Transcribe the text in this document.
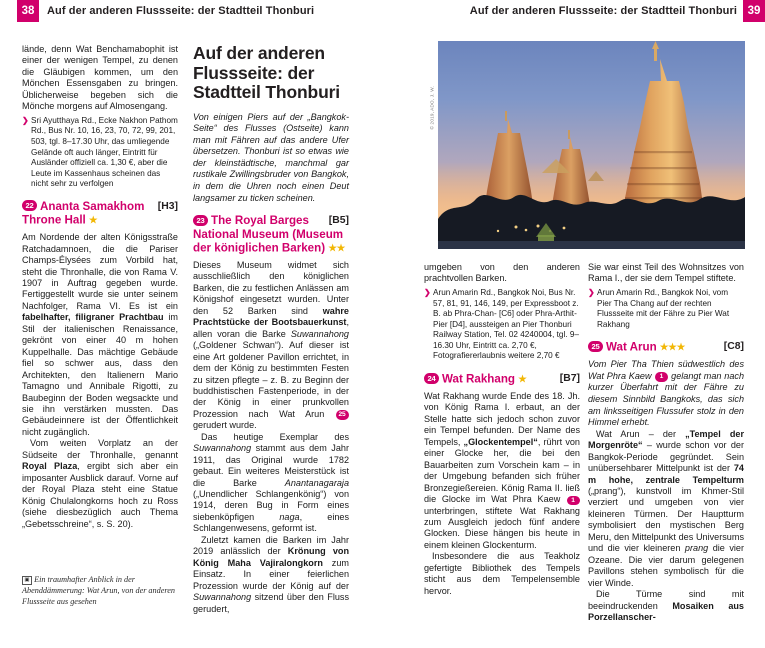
38	Auf der anderen Flussseite: der Stadtteil Thonburi	Auf der anderen Flussseite: der Stadtteil Thonburi 39
© 2019, ADO, J. W.

lände, denn Wat Benchamabophit ist einer der wenigen Tempel, zu denen die Gläubigen kommen, um den Mönchen Essensgaben zu bringen. Üblicherweise begeben sich die Mönche morgens auf Almosengang.

❯ Sri Ayutthaya Rd., Ecke Nakhon Pathom Rd., Bus Nr. 10, 16, 23, 70, 72, 99, 201, 503, tgl. 8–17.30 Uhr, das umliegende Gelände oft auch länger, Eintritt für Ausländer offiziell ca. 1,30 €, aber die Leute im Kassenhaus scheinen das nicht sehr zu verfolgen
[H3]
22 Ananta Samakhom Throne Hall ★

Am Nordende der alten Königsstraße Ratchadamnoen, die die Pariser Champs-Élysées zum Vorbild hat, steht die Thronhalle, die von Rama V. 1907 in Auftrag gegeben wurde. Fertiggestellt wurde sie unter seinem Nachfolger, Rama VI. Es ist ein fabelhafter, filigraner Prachtbau im Stil der italienischen Renaissance, gekrönt von einer 40 m hohen Kuppelhalle. Das mächtige Gebäude fiel so schwer aus, dass den Architekten, den Italienern Mario Tamagno und Annibale Rigotti, zu Baubeginn der Boden wegsackte und sie ihn verstärken mussten. Das Gebäudeinnere ist der Öffentlichkeit nicht zugänglich.

Vom weiten Vorplatz an der Südseite der Thronhalle, genannt Royal Plaza, ergibt sich aber ein imposanter Ausblick darauf. Vorne auf der Royal Plaza steht eine Statue König Chulalongkorns hoch zu Ross (siehe diesbezüglich auch Thema „Gebetsschreine“, s. S. 20).

▣ Ein traumhafter Anblick in der Abenddämmerung: Wat Arun, von der anderen Flussseite aus gesehen
Auf der anderen Flussseite: der Stadtteil Thonburi

Von einigen Piers auf der „Bangkok-Seite“ des Flusses (Ostseite) kann man mit Fähren auf das andere Ufer übersetzen. Thonburi ist so etwas wie der kleinstädtische, manchmal gar rustikale Zwillingsbruder von Bangkok, in dem die Uhren noch einen Deut langsamer zu ticken scheinen.

[B5]
23 The Royal Barges National Museum (Museum der königlichen Barken) ★★

Dieses Museum widmet sich ausschließlich den königlichen Barken, die zu festlichen Anlässen am Königshof eingesetzt wurden. Unter den 52 Barken sind wahre Prachtstücke der Bootsbauerkunst, allen voran die Barke Suwannahong („Goldener Schwan“). Auf dieser ist eine Art goldener Pavillon errichtet, in dem der König zu bestimmten Festen zu sitzen pflegte – z. B. zu Beginn der buddhistischen Fastenperiode, in der der König in einer prunkvollen Prozession nach Wat Arun 25 gerudert wurde.

Das heutige Exemplar des Suwannahong stammt aus dem Jahr 1911, das Original wurde 1782 gebaut. Ein weiteres Meisterstück ist die Barke Anantanagaraja („Unendlicher Schlangenkönig“) von 1914, deren Bug in Form eines siebenköpfigen naga, eines Schlangenwesens, geformt ist.

Zuletzt kamen die Barken im Jahr 2019 anlässlich der Krönung von König Maha Vajiralongkorn zum Einsatz. In einer feierlichen Prozession wurde der König auf der Suwannahong sitzend über den Fluss gerudert,

umgeben von den anderen prachtvollen Barken.

❯ Arun Amarin Rd., Bangkok Noi, Bus Nr. 57, 81, 91, 146, 149, per Expressboot z. B. ab Phra-Chan- [C6] oder Phra-Arthit-Pier [D4], aussteigen an Pier Thonburi Railway Station, Tel. 02 4240004, tgl. 9–16.30 Uhr, Eintritt ca. 2,70 €, Fotografiererlaubnis weitere 2,70 €
[B7]
24 Wat Rakhang ★

Wat Rakhang wurde Ende des 18. Jh. von König Rama I. erbaut, an der Stelle hatte sich jedoch schon zuvor ein Tempel befunden. Der Name des Tempels, „Glockentempel“, rührt von einer Glocke her, die bei den Bauarbeiten zum Vorschein kam – in der Umgebung befanden sich früher Bronzegießereien. König Rama II. ließ die Glocke im Wat Phra Kaew 1 unterbringen, stiftete Wat Rakhang zum Ausgleich jedoch fünf andere Glocken. Diese hängen bis heute in einem kleinen Glockenturm.

Insbesondere die aus Teakholz gefertigte Bibliothek des Tempels sticht aus dem Tempelensemble hervor.

Sie war einst Teil des Wohnsitzes von Rama I., der sie dem Tempel stiftete.

❯ Arun Amarin Rd., Bangkok Noi, vom Pier Tha Chang auf der rechten Flussseite mit der Fähre zu Pier Wat Rakhang
[C8]
25 Wat Arun ★★★

Vom Pier Tha Thien südwestlich des Wat Phra Kaew 1 gelangt man nach kurzer Überfahrt mit der Fähre zu diesem Sinnbild Bangkoks, das sich am linksseitigen Flussufer stolz in den Himmel erhebt.

Wat Arun – der „Tempel der Morgenröte“ – wurde schon vor der Bangkok-Periode gegründet. Sein unübersehbarer Mittelpunkt ist der 74 m hohe, zentrale Tempelturm („prang“), kunstvoll im Khmer-Stil verziert und umgeben von vier kleineren Türmen. Der Hauptturm symbolisiert den mystischen Berg Meru, den Mittelpunkt des Universums und die vier kleineren prang die vier Ozeane. Die vier darum gelegenen Pavillons stehen symbolisch für die vier Winde.

Die Türme sind mit beeindruckenden Mosaiken aus Porzellanscher-
